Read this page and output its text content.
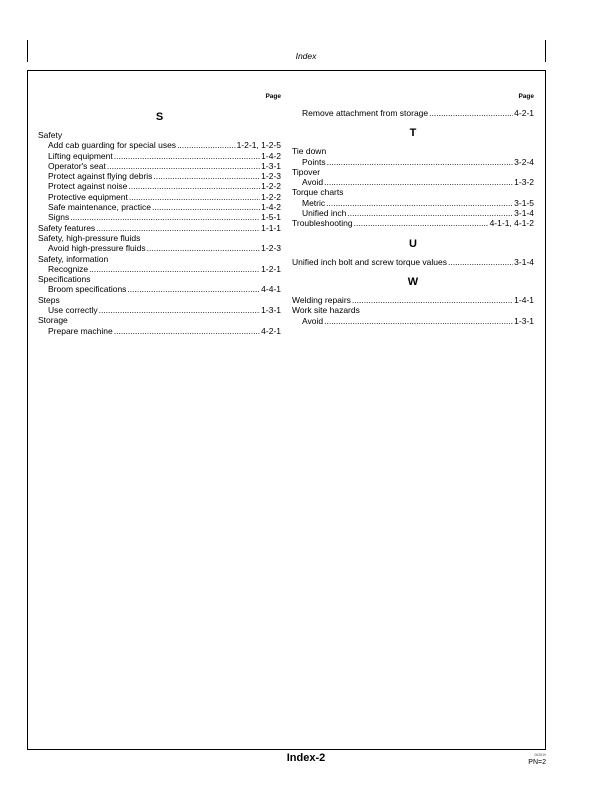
Index
Page
S
Safety
Add cab guarding for special uses .....	1-2-1, 1-2-5
Lifting equipment .....	1-4-2
Operator's seat .....	1-3-1
Protect against flying debris .....	1-2-3
Protect against noise .....	1-2-2
Protective equipment .....	1-2-2
Safe maintenance, practice .....	1-4-2
Signs .....	1-5-1
Safety features .....	1-1-1
Safety, high-pressure fluids
Avoid high-pressure fluids .....	1-2-3
Safety, information
Recognize .....	1-2-1
Specifications
Broom specifications .....	4-4-1
Steps
Use correctly .....	1-3-1
Storage
Prepare machine .....	4-2-1
Page
Remove attachment from storage .....	4-2-1
T
Tie down
Points .....	3-2-4
Tipover
Avoid .....	1-3-2
Torque charts
Metric .....	3-1-5
Unified inch .....	3-1-4
Troubleshooting .....	4-1-1, 4-1-2
U
Unified inch bolt and screw torque values .....	3-1-4
W
Welding repairs .....	1-4-1
Work site hazards
Avoid .....	1-3-1
Index-2	062819
PN=2
